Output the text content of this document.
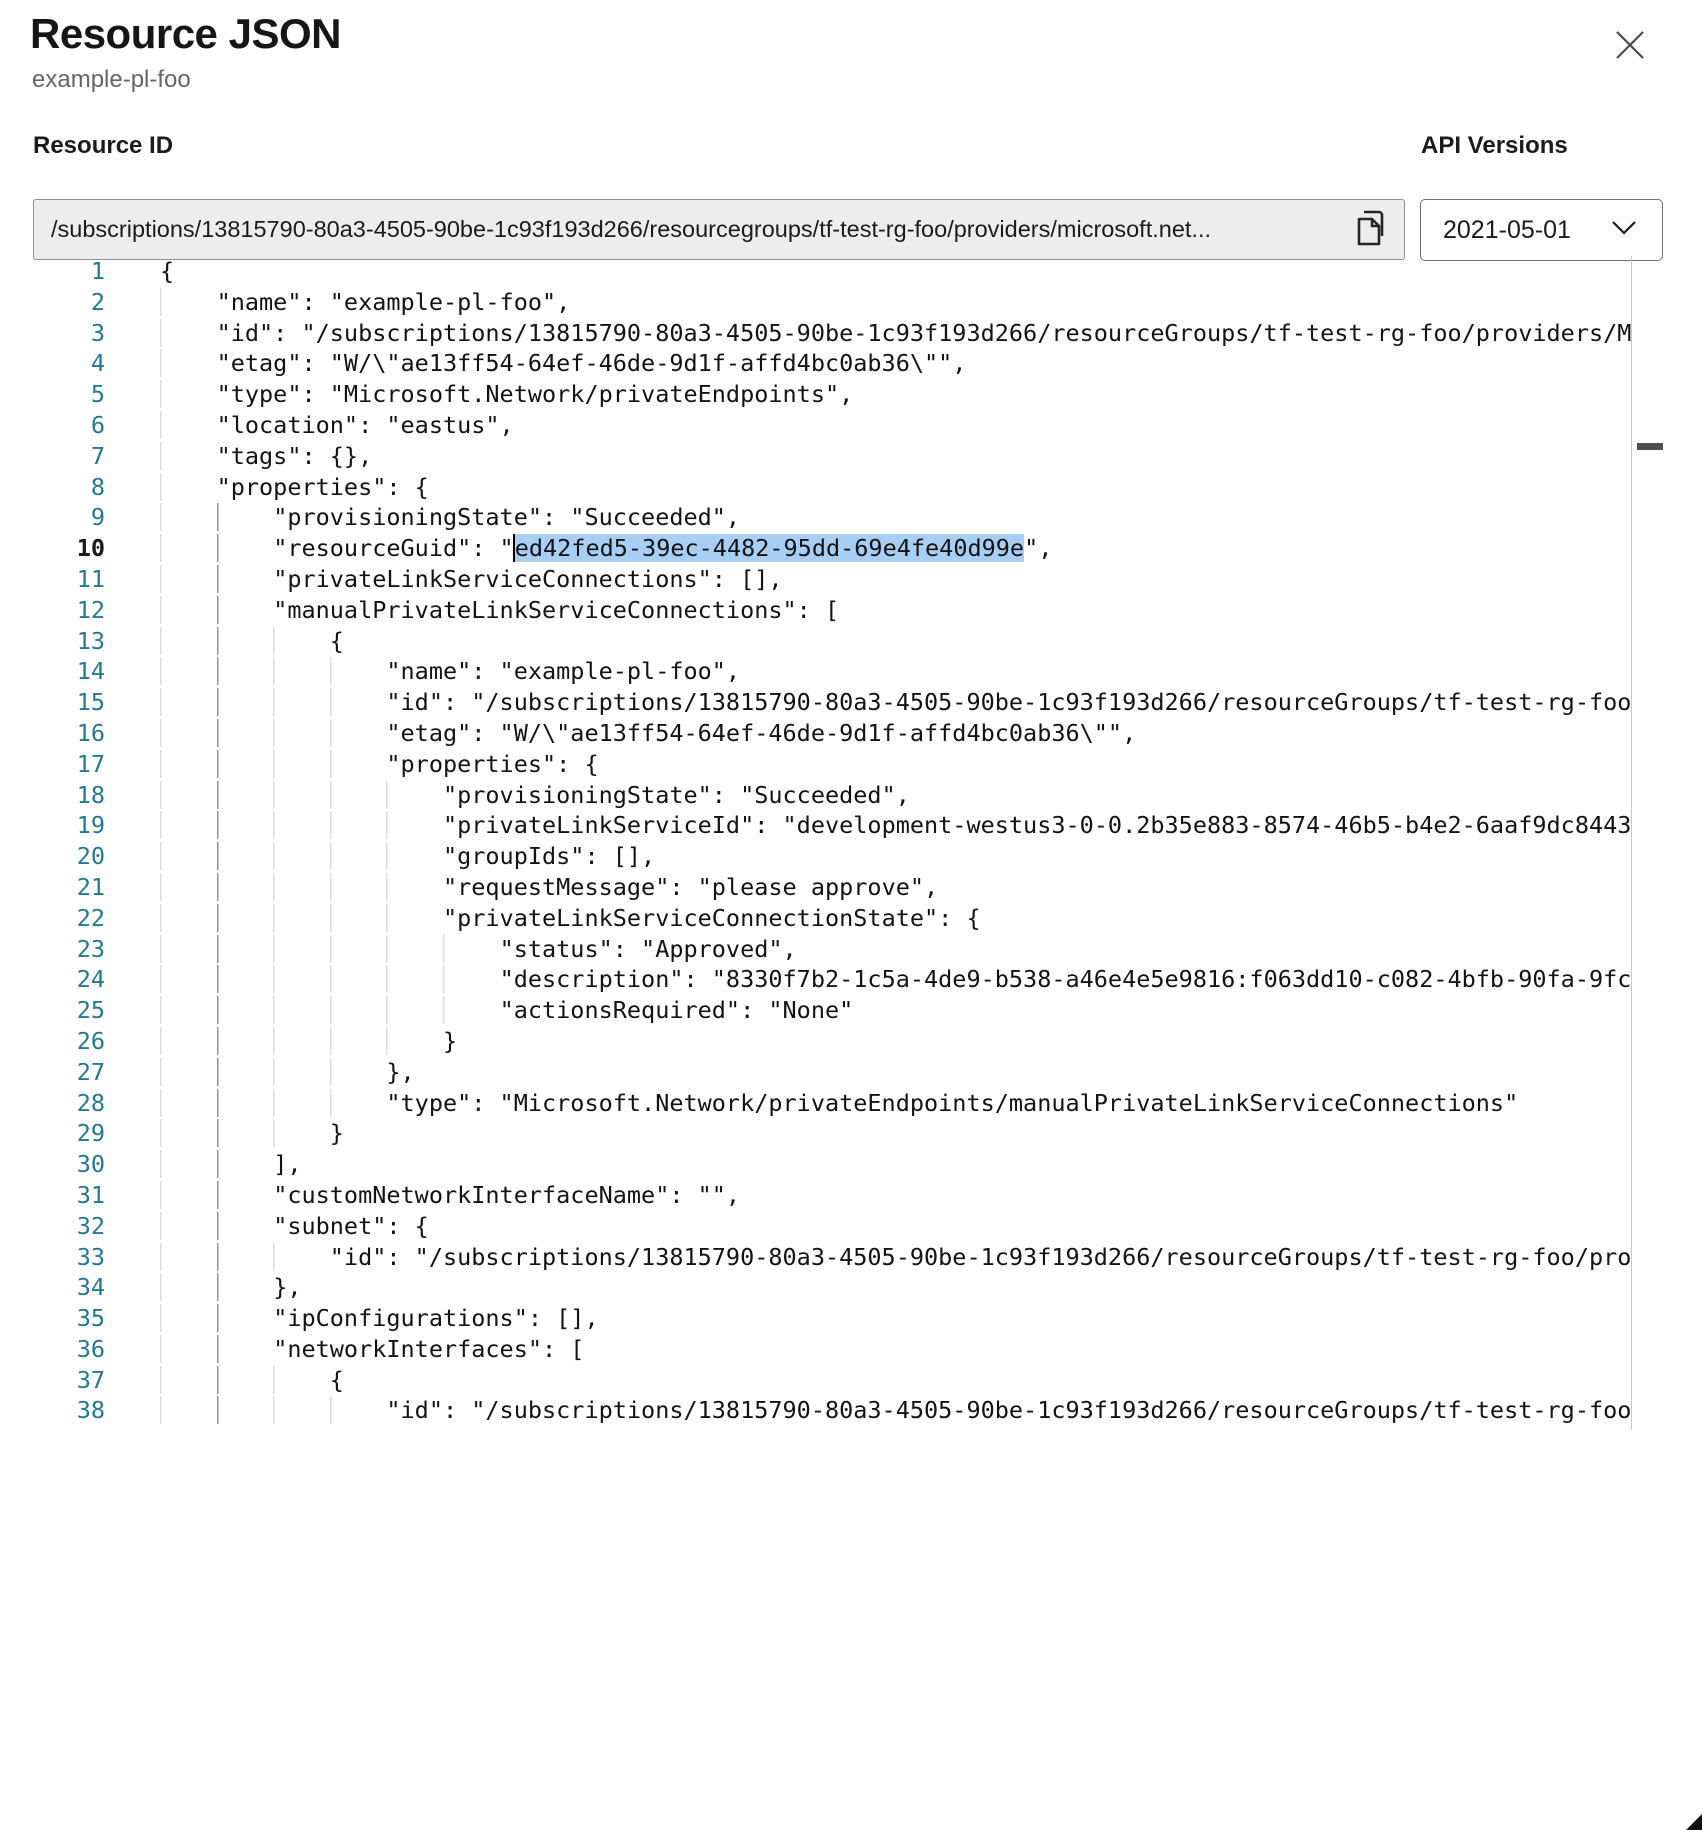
Resource JSON
example-pl-foo
Resource ID
/subscriptions/13815790-80a3-4505-90be-1c93f193d266/resourcegroups/tf-test-rg-foo/providers/microsoft.net...
API Versions
2021-05-01
1	{
2	"name": "example-pl-foo",
3	"id": "/subscriptions/13815790-80a3-4505-90be-1c93f193d266/resourceGroups/tf-test-rg-foo/providers/M
4	"etag": "W/\"ae13ff54-64ef-46de-9d1f-affd4bc0ab36\"",
5	"type": "Microsoft.Network/privateEndpoints",
6	"location": "eastus",
7	"tags": {},
8	"properties": {
9	"provisioningState": "Succeeded",
10	"resourceGuid": "ed42fed5-39ec-4482-95dd-69e4fe40d99e",
11	"privateLinkServiceConnections": [],
12	"manualPrivateLinkServiceConnections": [
13	{
14	"name": "example-pl-foo",
15	"id": "/subscriptions/13815790-80a3-4505-90be-1c93f193d266/resourceGroups/tf-test-rg-foo
16	"etag": "W/\"ae13ff54-64ef-46de-9d1f-affd4bc0ab36\"",
17	"properties": {
18	"provisioningState": "Succeeded",
19	"privateLinkServiceId": "development-westus3-0-0.2b35e883-8574-46b5-b4e2-6aaf9dc8443
20	"groupIds": [],
21	"requestMessage": "please approve",
22	"privateLinkServiceConnectionState": {
23	"status": "Approved",
24	"description": "8330f7b2-1c5a-4de9-b538-a46e4e5e9816:f063dd10-c082-4bfb-90fa-9fc
25	"actionsRequired": "None"
26	}
27	},
28	"type": "Microsoft.Network/privateEndpoints/manualPrivateLinkServiceConnections"
29	}
30	],
31	"customNetworkInterfaceName": "",
32	"subnet": {
33	"id": "/subscriptions/13815790-80a3-4505-90be-1c93f193d266/resourceGroups/tf-test-rg-foo/pro
34	},
35	"ipConfigurations": [],
36	"networkInterfaces": [
37	{
38	"id": "/subscriptions/13815790-80a3-4505-90be-1c93f193d266/resourceGroups/tf-test-rg-foo
